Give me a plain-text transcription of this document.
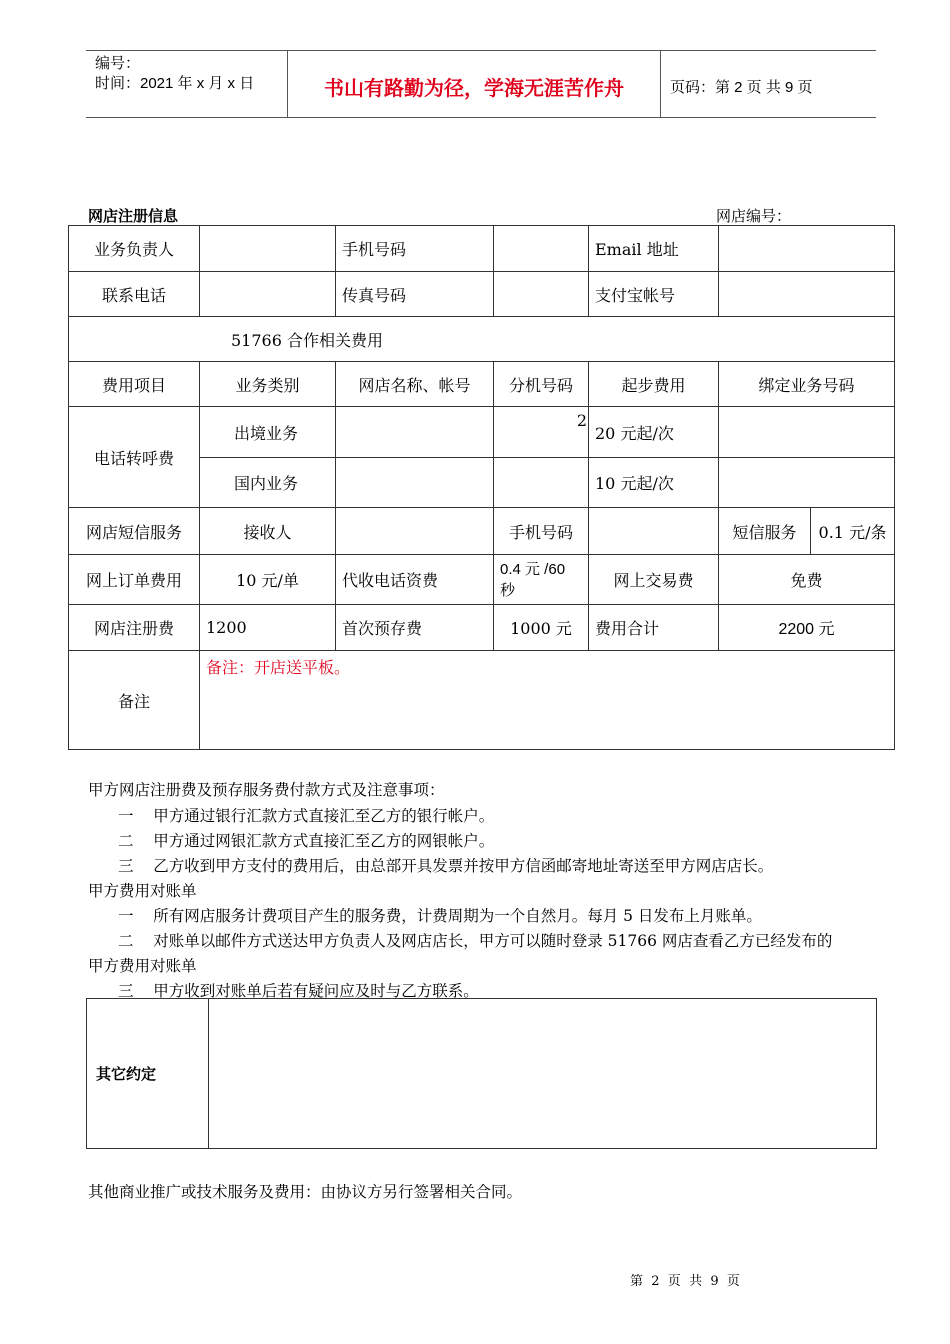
编号：
时间：2021 年 x 月 x 日	书山有路勤为径，学海无涯苦作舟	页码：第 2 页 共 9 页
网店注册信息	网店编号：
业务负责人		手机号码		Email 地址		
联系电话		传真号码		支付宝帐号		
51766 合作相关费用						
费用项目	业务类别	网店名称、帐号	分机号码	起步费用	绑定业务号码	
电话转呼费	出境业务		2	20 元起/次		
	国内业务			10 元起/次		
网店短信服务	接收人		手机号码		短信服务	0.1 元/条
网上订单费用	10 元/单	代收电话资费	0.4 元 /60 秒	网上交易费	免费	
网店注册费	1200	首次预存费	1000 元	费用合计	2200 元	
备注	备注：开店送平板。					
甲方网店注册费及预存服务费付款方式及注意事项：
一    甲方通过银行汇款方式直接汇至乙方的银行帐户。
二    甲方通过网银汇款方式直接汇至乙方的网银帐户。
三    乙方收到甲方支付的费用后，由总部开具发票并按甲方信函邮寄地址寄送至甲方网店店长。
甲方费用对账单
一    所有网店服务计费项目产生的服务费，计费周期为一个自然月。每月 5 日发布上月账单。
二    对账单以邮件方式送达甲方负责人及网店店长，甲方可以随时登录 51766 网店查看乙方已经发布的
甲方费用对账单
三    甲方收到对账单后若有疑问应及时与乙方联系。
其它约定	
其他商业推广或技术服务及费用：由协议方另行签署相关合同。
第  2  页  共  9  页
